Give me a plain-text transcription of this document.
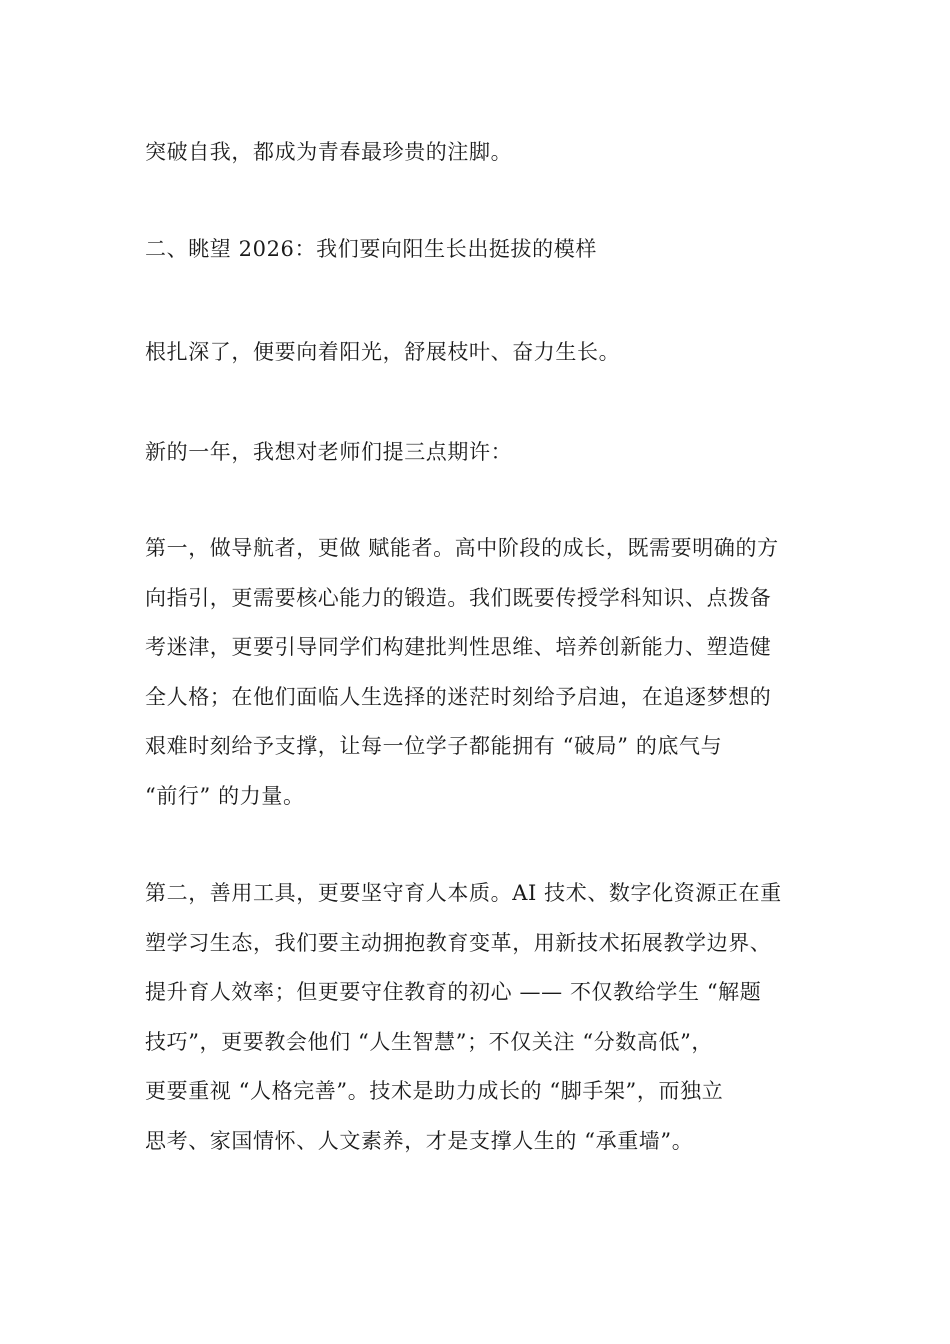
突破自我，都成为青春最珍贵的注脚。
二、眺望 2026：我们要向阳生长出挺拔的模样
根扎深了，便要向着阳光，舒展枝叶、奋力生长。
新的一年，我想对老师们提三点期许：
第一，做导航者，更做 赋能者。高中阶段的成长，既需要明确的方
向指引，更需要核心能力的锻造。我们既要传授学科知识、点拨备
考迷津，更要引导同学们构建批判性思维、培养创新能力、塑造健
全人格；在他们面临人生选择的迷茫时刻给予启迪，在追逐梦想的
艰难时刻给予支撑，让每一位学子都能拥有 “破局” 的底气与
“前行” 的力量。
第二，善用工具，更要坚守育人本质。AI 技术、数字化资源正在重
塑学习生态，我们要主动拥抱教育变革，用新技术拓展教学边界、
提升育人效率；但更要守住教育的初心 —— 不仅教给学生 “解题
技巧”，更要教会他们 “人生智慧”；不仅关注 “分数高低”，
更要重视 “人格完善”。技术是助力成长的 “脚手架”，而独立
思考、家国情怀、人文素养，才是支撑人生的 “承重墙”。
